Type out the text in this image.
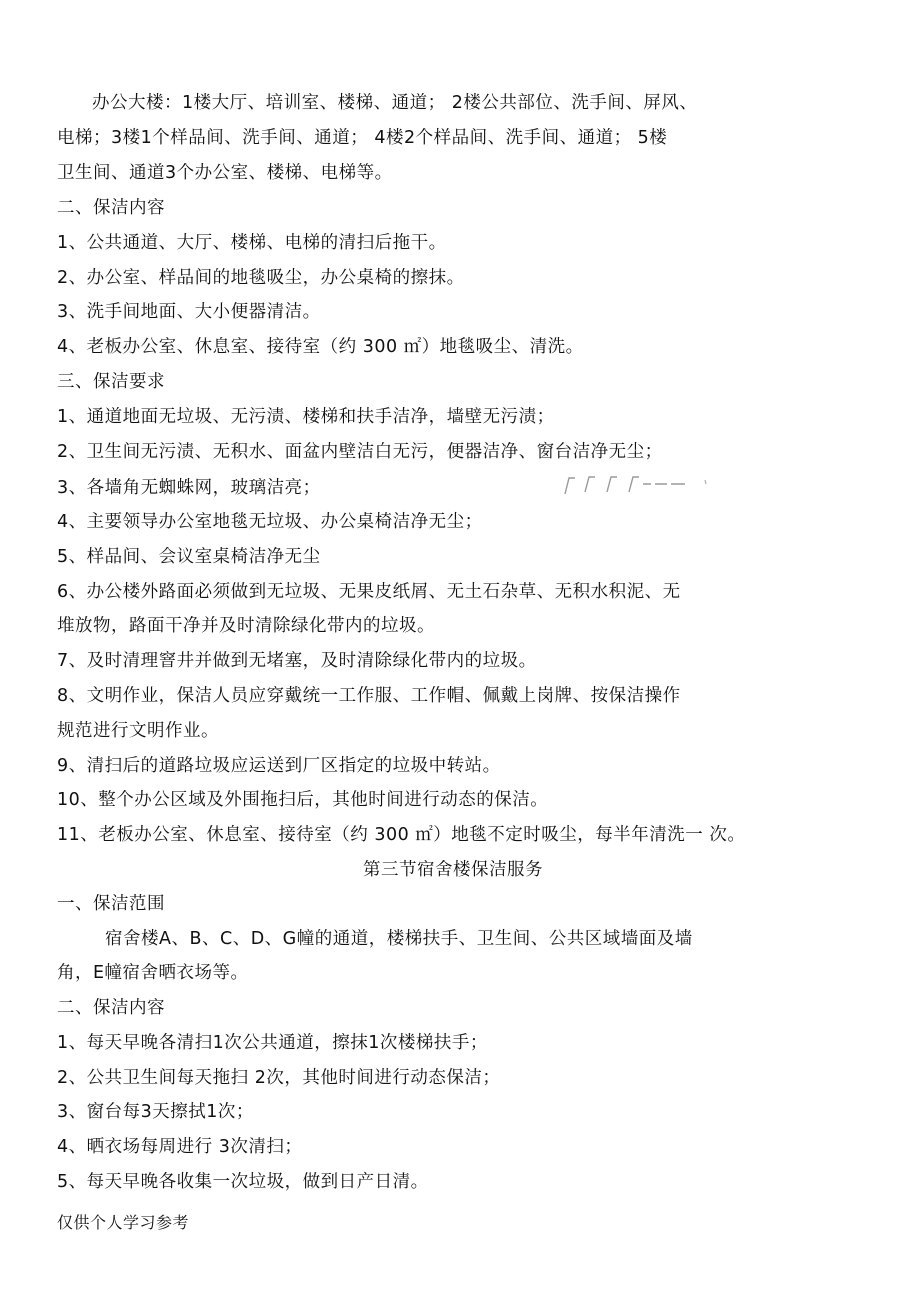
办公大楼：1楼大厅、培训室、楼梯、通道； 2楼公共部位、洗手间、屏风、

电梯；3楼1个样品间、洗手间、通道； 4楼2个样品间、洗手间、通道； 5楼

卫生间、通道3个办公室、楼梯、电梯等。

二、保洁内容

1、公共通道、大厅、楼梯、电梯的清扫后拖干。

2、办公室、样品间的地毯吸尘，办公桌椅的擦抹。

3、洗手间地面、大小便器清洁。

4、老板办公室、休息室、接待室（约 300 ㎡）地毯吸尘、清洗。

三、保洁要求

1、通道地面无垃圾、无污渍、楼梯和扶手洁净，墙壁无污渍；

2、卫生间无污渍、无积水、面盆内壁洁白无污，便器洁净、窗台洁净无尘；

3、各墙角无蜘蛛网，玻璃洁亮；

4、主要领导办公室地毯无垃圾、办公桌椅洁净无尘；

5、样品间、会议室桌椅洁净无尘

6、办公楼外路面必须做到无垃圾、无果皮纸屑、无土石杂草、无积水积泥、无

堆放物，路面干净并及时清除绿化带内的垃圾。

7、及时清理窨井并做到无堵塞，及时清除绿化带内的垃圾。

8、文明作业，保洁人员应穿戴统一工作服、工作帽、佩戴上岗牌、按保洁操作

规范进行文明作业。

9、清扫后的道路垃圾应运送到厂区指定的垃圾中转站。

10、整个办公区域及外围拖扫后，其他时间进行动态的保洁。

11、老板办公室、休息室、接待室（约 300 ㎡）地毯不定时吸尘，每半年清洗一 次。

第三节宿舍楼保洁服务

一、保洁范围

宿舍楼A、B、C、D、G幢的通道，楼梯扶手、卫生间、公共区域墙面及墙

角，E幢宿舍晒衣场等。

二、保洁内容

1、每天早晚各清扫1次公共通道，擦抹1次楼梯扶手；

2、公共卫生间每天拖扫 2次，其他时间进行动态保洁；

3、窗台每3天擦拭1次；

4、晒衣场每周进行 3次清扫；

5、每天早晚各收集一次垃圾，做到日产日清。

仅供个人学习参考
